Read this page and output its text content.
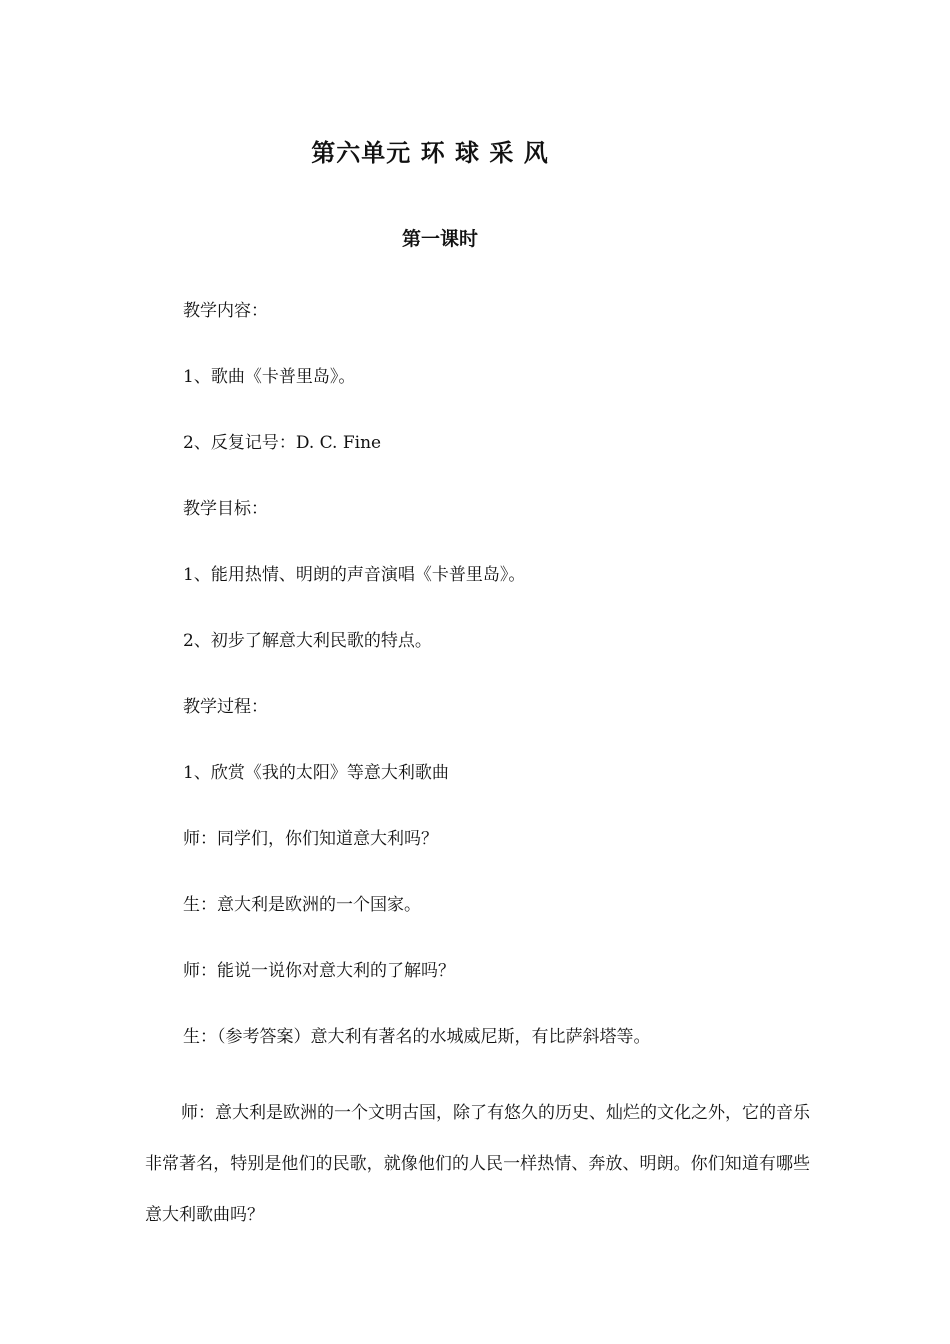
第六单元 环 球 采 风
第一课时
教学内容：
1、歌曲《卡普里岛》。
2、反复记号：D. C. Fine
教学目标：
1、能用热情、明朗的声音演唱《卡普里岛》。
2、初步了解意大利民歌的特点。
教学过程：
1、欣赏《我的太阳》等意大利歌曲
师：同学们，你们知道意大利吗？
生：意大利是欧洲的一个国家。
师：能说一说你对意大利的了解吗？
生：（参考答案）意大利有著名的水城威尼斯，有比萨斜塔等。
师：意大利是欧洲的一个文明古国，除了有悠久的历史、灿烂的文化之外，它的音乐非常著名，特别是他们的民歌，就像他们的人民一样热情、奔放、明朗。你们知道有哪些意大利歌曲吗？
